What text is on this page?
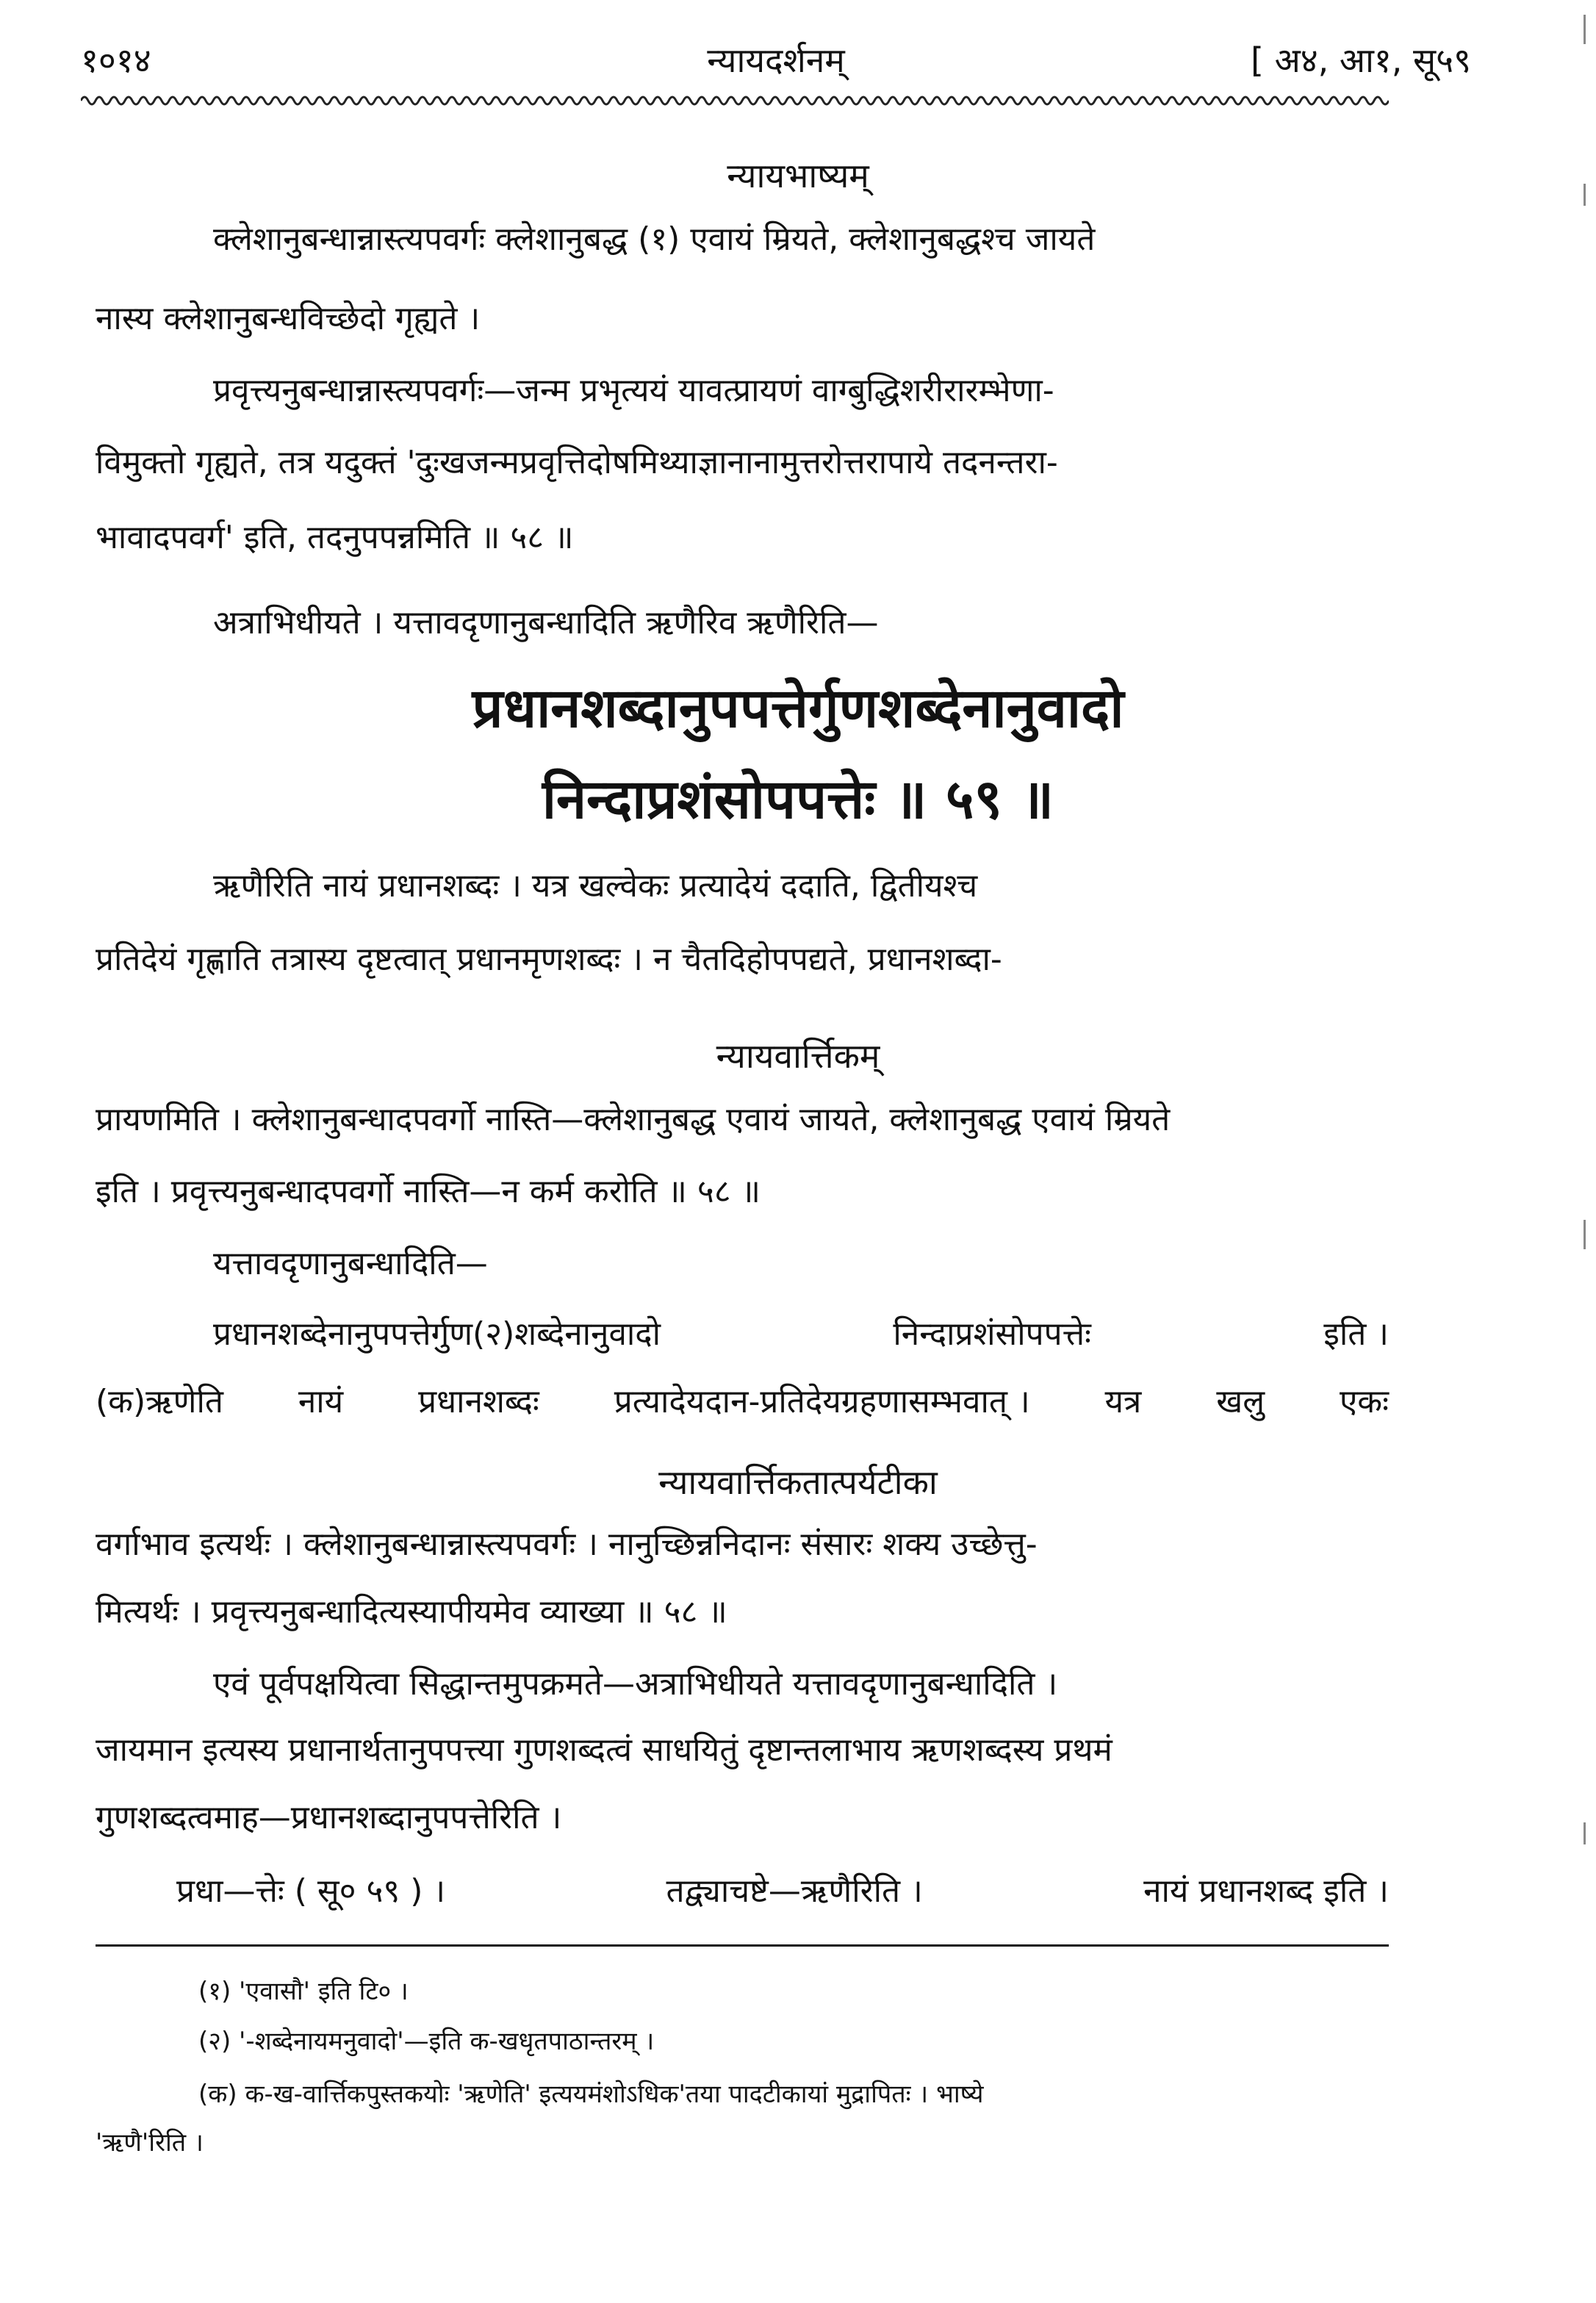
१०१४	न्यायदर्शनम्	[ अ४, आ१, सू५९
न्यायभाष्यम्
क्लेशानुबन्धान्नास्त्यपवर्गः क्लेशानुबद्ध (१) एवायं म्रियते, क्लेशानुबद्धश्च जायते
नास्य क्लेशानुबन्धविच्छेदो गृह्यते ।
प्रवृत्त्यनुबन्धान्नास्त्यपवर्गः—जन्म प्रभृत्ययं यावत्प्रायणं वाग्बुद्धिशरीरारम्भेणा-
विमुक्तो गृह्यते, तत्र यदुक्तं 'दुःखजन्मप्रवृत्तिदोषमिथ्याज्ञानानामुत्तरोत्तरापाये तदनन्तरा-
भावादपवर्ग' इति, तदनुपपन्नमिति ॥ ५८ ॥
अत्राभिधीयते । यत्तावदृणानुबन्धादिति ऋणैरिव ऋणैरिति—
प्रधानशब्दानुपपत्तेर्गुणशब्देनानुवादो
निन्दाप्रशंसोपपत्तेः ॥ ५९ ॥
ऋणैरिति नायं प्रधानशब्दः । यत्र खल्वेकः प्रत्यादेयं ददाति, द्वितीयश्च
प्रतिदेयं गृह्णाति तत्रास्य दृष्टत्वात् प्रधानमृणशब्दः । न चैतदिहोपपद्यते, प्रधानशब्दा-
न्यायवार्त्तिकम्
प्रायणमिति । क्लेशानुबन्धादपवर्गो नास्ति—क्लेशानुबद्ध एवायं जायते, क्लेशानुबद्ध एवायं म्रियते
इति । प्रवृत्त्यनुबन्धादपवर्गो नास्ति—न कर्म करोति ॥ ५८ ॥
यत्तावदृणानुबन्धादिति—
प्रधानशब्देनानुपपत्तेर्गुण(२)शब्देनानुवादो	निन्दाप्रशंसोपपत्तेः	इति ।
(क)ऋणेति नायं प्रधानशब्दः प्रत्यादेयदान-प्रतिदेयग्रहणासम्भवात् । यत्र खलु एकः
न्यायवार्त्तिकतात्पर्यटीका
वर्गाभाव इत्यर्थः । क्लेशानुबन्धान्नास्त्यपवर्गः । नानुच्छिन्ननिदानः संसारः शक्य उच्छेत्तु-
मित्यर्थः । प्रवृत्त्यनुबन्धादित्यस्यापीयमेव व्याख्या ॥ ५८ ॥
एवं पूर्वपक्षयित्वा सिद्धान्तमुपक्रमते—अत्राभिधीयते यत्तावदृणानुबन्धादिति ।
जायमान इत्यस्य प्रधानार्थतानुपपत्त्या गुणशब्दत्वं साधयितुं दृष्टान्तलाभाय ऋणशब्दस्य प्रथमं
गुणशब्दत्वमाह—प्रधानशब्दानुपपत्तेरिति ।
प्रधा—त्तेः ( सू० ५९ ) ।	तद्व्याचष्टे—ऋणैरिति ।	नायं प्रधानशब्द इति ।
(१) 'एवासौ' इति टि० ।
(२) '-शब्देनायमनुवादो'—इति क-खधृतपाठान्तरम् ।
(क) क-ख-वार्त्तिकपुस्तकयोः 'ऋणेति' इत्ययमंशोऽधिक'तया पादटीकायां मुद्रापितः । भाष्ये
'ऋणै'रिति ।
